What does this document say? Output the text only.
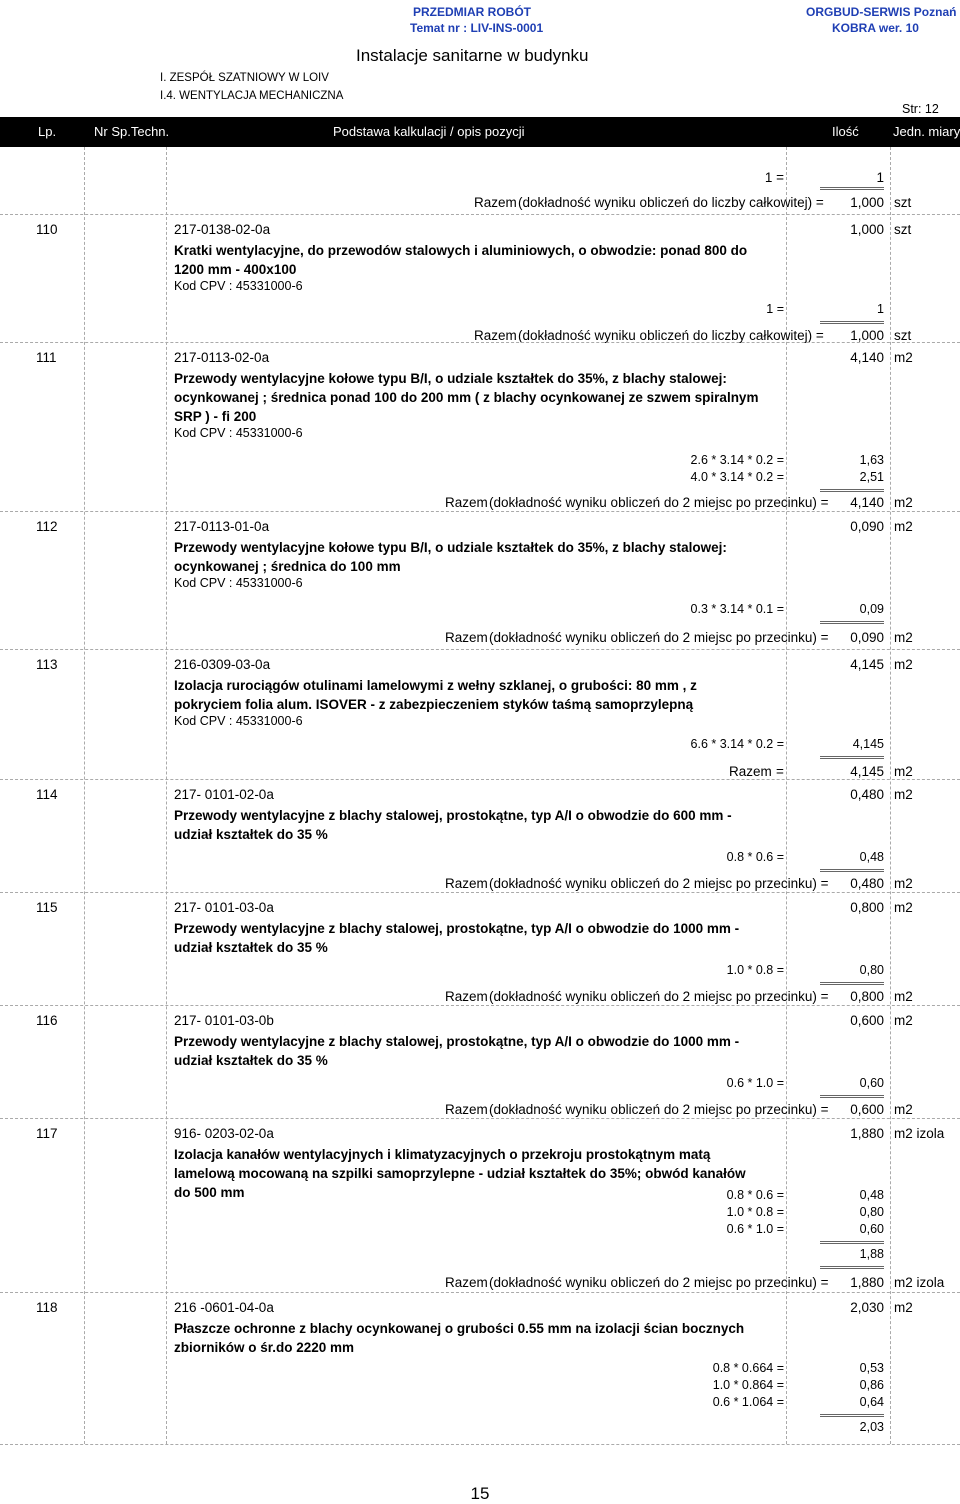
I. ZESPÓŁ SZATNIOWY W LOIV
I.4. WENTYLACJA MECHANICZNA
PRZEDMIAR ROBÓT
Temat nr : LIV-INS-0001
Instalacje sanitarne w budynku
ORGBUD-SERWIS Poznań
KOBRA wer. 10
Str: 12
Lp.	Nr Sp.Techn.	Podstawa kalkulacji / opis pozycji	Ilość	Jedn. miary
1 =	1
Razem (dokładność wyniku obliczeń do liczby całkowitej) =	1,000 szt
110	217-0138-02-0a	1,000 szt
Kratki wentylacyjne, do przewodów stalowych i aluminiowych, o obwodzie: ponad 800 do 1200 mm - 400x100
Kod CPV : 45331000-6
1 =	1
Razem (dokładność wyniku obliczeń do liczby całkowitej) =	1,000 szt
111	217-0113-02-0a	4,140 m2
Przewody wentylacyjne kołowe typu B/I, o udziale kształtek do 35%, z blachy stalowej: ocynkowanej ; średnica ponad 100 do 200 mm ( z blachy ocynkowanej ze szwem spiralnym SRP ) - fi 200
Kod CPV : 45331000-6
2.6 * 3.14 * 0.2 =	1,63
4.0 * 3.14 * 0.2 =	2,51
Razem (dokładność wyniku obliczeń do 2 miejsc po przecinku) =	4,140 m2
112	217-0113-01-0a	0,090 m2
Przewody wentylacyjne kołowe typu B/I, o udziale kształtek do 35%, z blachy stalowej: ocynkowanej ; średnica do 100 mm
Kod CPV : 45331000-6
0.3 * 3.14 * 0.1 =	0,09
Razem (dokładność wyniku obliczeń do 2 miejsc po przecinku) =	0,090 m2
113	216-0309-03-0a	4,145 m2
Izolacja rurociągów otulinami lamelowymi z wełny szklanej, o grubości: 80 mm , z pokryciem folia alum. ISOVER - z zabezpieczeniem styków taśmą samoprzylepną
Kod CPV : 45331000-6
6.6 * 3.14 * 0.2 =	4,145
Razem =	4,145 m2
114	217- 0101-02-0a	0,480 m2
Przewody wentylacyjne z blachy stalowej, prostokątne, typ A/I o obwodzie do 600 mm - udział kształtek do 35 %
0.8 * 0.6 =	0,48
Razem (dokładność wyniku obliczeń do 2 miejsc po przecinku) =	0,480 m2
115	217- 0101-03-0a	0,800 m2
Przewody wentylacyjne z blachy stalowej, prostokątne, typ A/I o obwodzie do 1000 mm - udział kształtek do 35 %
1.0 * 0.8 =	0,80
Razem (dokładność wyniku obliczeń do 2 miejsc po przecinku) =	0,800 m2
116	217- 0101-03-0b	0,600 m2
Przewody wentylacyjne z blachy stalowej, prostokątne, typ A/I o obwodzie do 1000 mm - udział kształtek do 35 %
0.6 * 1.0 =	0,60
Razem (dokładność wyniku obliczeń do 2 miejsc po przecinku) =	0,600 m2
117	916- 0203-02-0a	1,880 m2 izola
Izolacja kanałów wentylacyjnych i klimatyzacyjnych o przekroju prostokątnym matą lamelową mocowaną na szpilki samoprzylepne - udział kształtek do 35%; obwód kanałów do 500 mm	0.8 * 0.6 =	0,48
1.0 * 0.8 =	0,80
0.6 * 1.0 =	0,60
1,88
Razem (dokładność wyniku obliczeń do 2 miejsc po przecinku) =	1,880 m2 izola
118	216 -0601-04-0a	2,030 m2
Płaszcze ochronne z blachy ocynkowanej o grubości 0.55 mm na izolacji ścian bocznych zbiorników o śr.do 2220 mm
0.8 * 0.664 =	0,53
1.0 * 0.864 =	0,86
0.6 * 1.064 =	0,64
2,03
15
